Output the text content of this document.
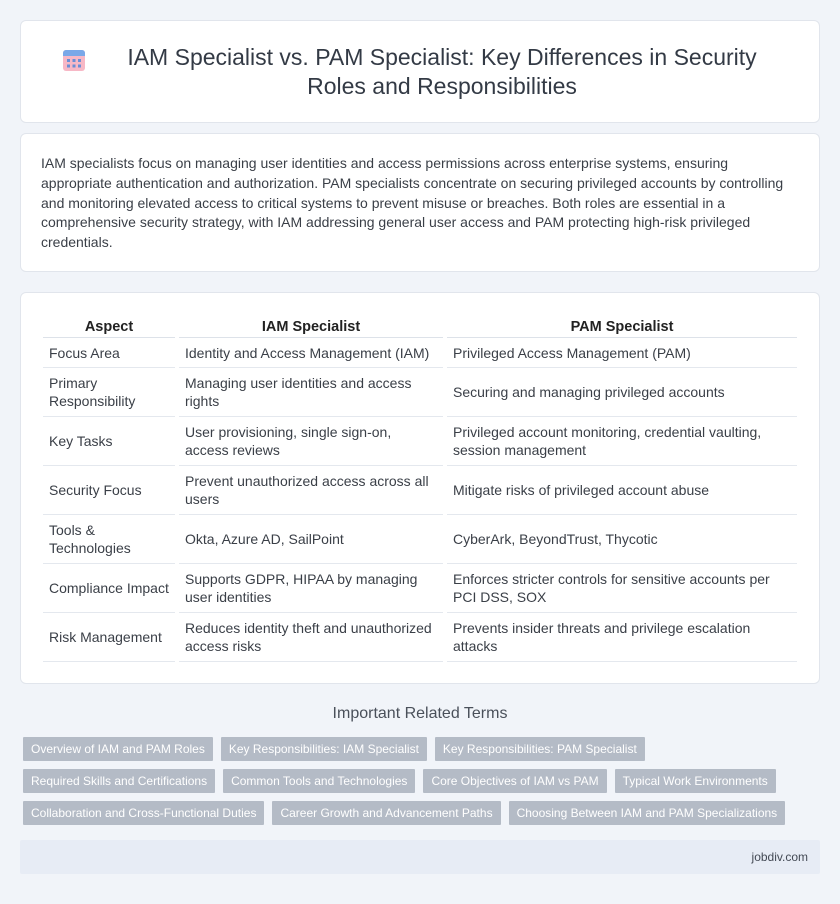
IAM Specialist vs. PAM Specialist: Key Differences in Security Roles and Responsibilities

IAM specialists focus on managing user identities and access permissions across enterprise systems, ensuring appropriate authentication and authorization. PAM specialists concentrate on securing privileged accounts by controlling and monitoring elevated access to critical systems to prevent misuse or breaches. Both roles are essential in a comprehensive security strategy, with IAM addressing general user access and PAM protecting high-risk privileged credentials.

Aspect	IAM Specialist	PAM Specialist
Focus Area	Identity and Access Management (IAM)	Privileged Access Management (PAM)
Primary Responsibility	Managing user identities and access rights	Securing and managing privileged accounts
Key Tasks	User provisioning, single sign-on, access reviews	Privileged account monitoring, credential vaulting, session management
Security Focus	Prevent unauthorized access across all users	Mitigate risks of privileged account abuse
Tools & Technologies	Okta, Azure AD, SailPoint	CyberArk, BeyondTrust, Thycotic
Compliance Impact	Supports GDPR, HIPAA by managing user identities	Enforces stricter controls for sensitive accounts per PCI DSS, SOX
Risk Management	Reduces identity theft and unauthorized access risks	Prevents insider threats and privilege escalation attacks
Important Related Terms
Overview of IAM and PAM Roles	Key Responsibilities: IAM Specialist	Key Responsibilities: PAM Specialist
Required Skills and Certifications	Common Tools and Technologies	Core Objectives of IAM vs PAM	Typical Work Environments
Collaboration and Cross-Functional Duties	Career Growth and Advancement Paths	Choosing Between IAM and PAM Specializations
jobdiv.com
